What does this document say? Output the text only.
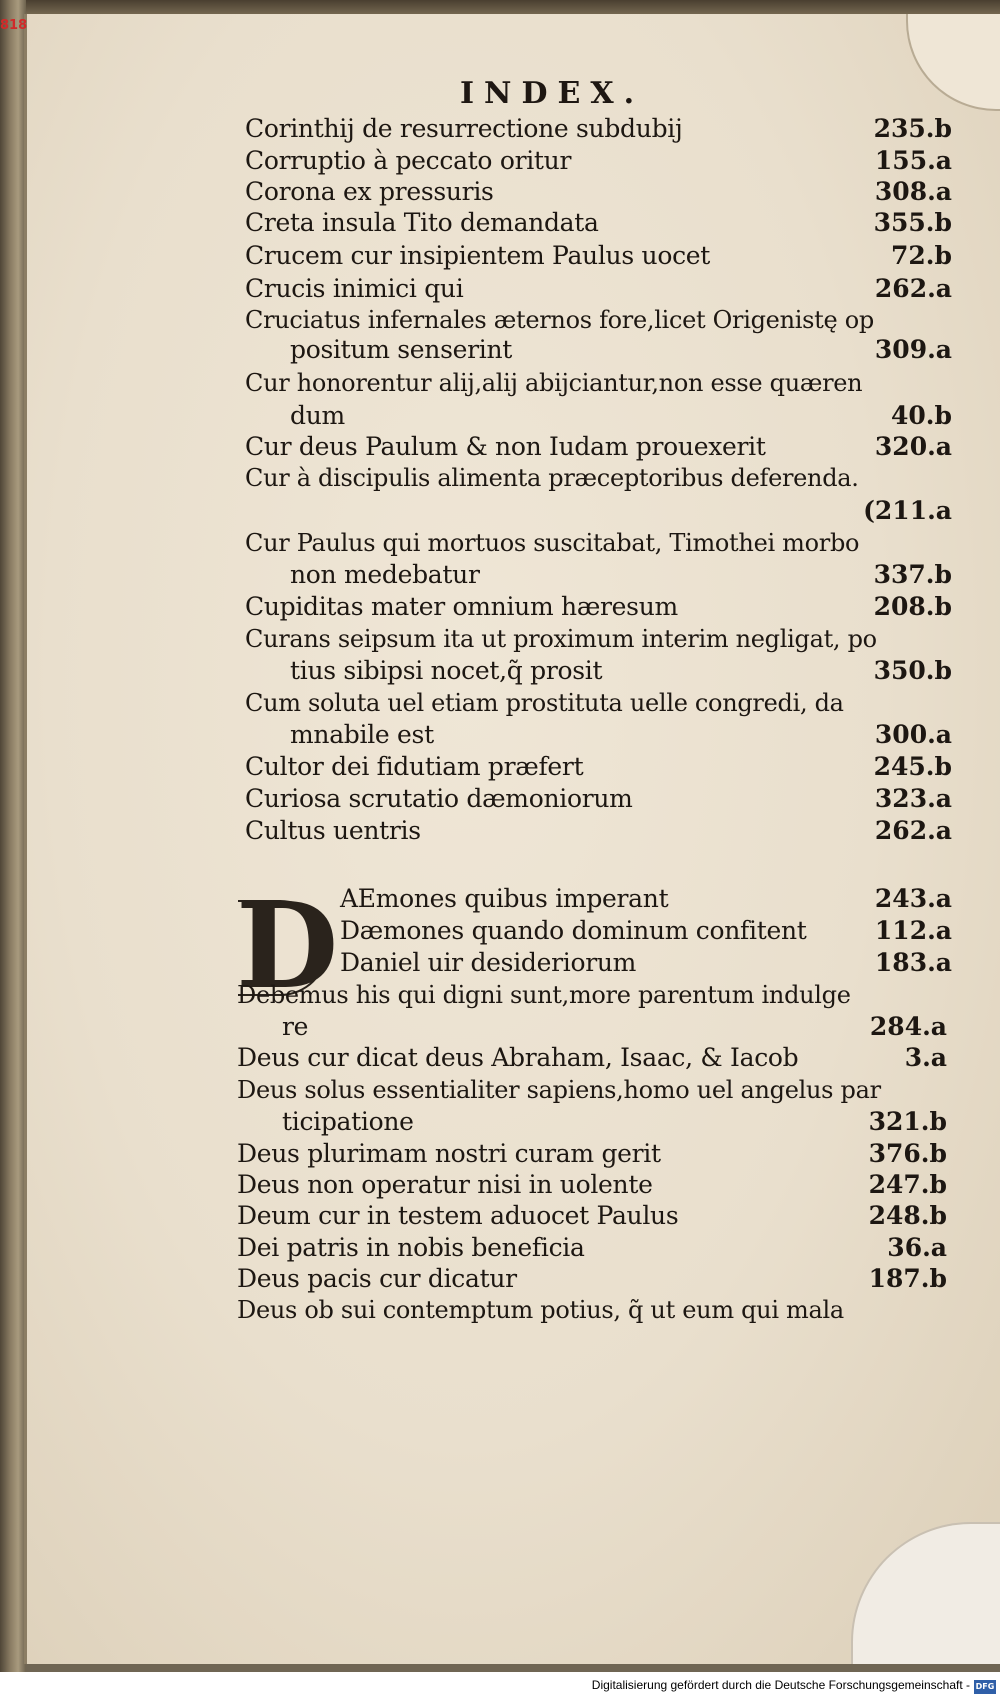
818
INDEX.
D
Corinthij de resurrectione subdubij	235.b
Corruptio à peccato oritur	155.a
Corona ex pressuris	308.a
Creta insula Tito demandata	355.b
Crucem cur insipientem Paulus uocet	72.b
Crucis inimici qui	262.a
Cruciatus infernales æternos fore,licet Origenistę op
positum senserint	309.a
Cur honorentur alij,alij abijciantur,non esse quæren
dum	40.b
Cur deus Paulum & non Iudam prouexerit	320.a
Cur à discipulis alimenta præceptoribus deferenda.
(211.a
Cur Paulus qui mortuos suscitabat, Timothei morbo
non medebatur	337.b
Cupiditas mater omnium hæresum	208.b
Curans seipsum ita ut proximum interim negligat, po
tius sibipsi nocet,q̃ prosit	350.b
Cum soluta uel etiam prostituta uelle congredi, da
mnabile est	300.a
Cultor dei fidutiam præfert	245.b
Curiosa scrutatio dæmoniorum	323.a
Cultus uentris	262.a
AEmones quibus imperant	243.a
Dæmones quando dominum confitent	112.a
Daniel uir desideriorum	183.a
Debemus his qui digni sunt,more parentum indulge
re	284.a
Deus cur dicat deus Abraham, Isaac, & Iacob	3.a
Deus solus essentialiter sapiens,homo uel angelus par
ticipatione	321.b
Deus plurimam nostri curam gerit	376.b
Deus non operatur nisi in uolente	247.b
Deum cur in testem aduocet Paulus	248.b
Dei patris in nobis beneficia	36.a
Deus pacis cur dicatur	187.b
Deus ob sui contemptum potius, q̃ ut eum qui mala
Digitalisierung gefördert durch die Deutsche Forschungsgemeinschaft - DFG
